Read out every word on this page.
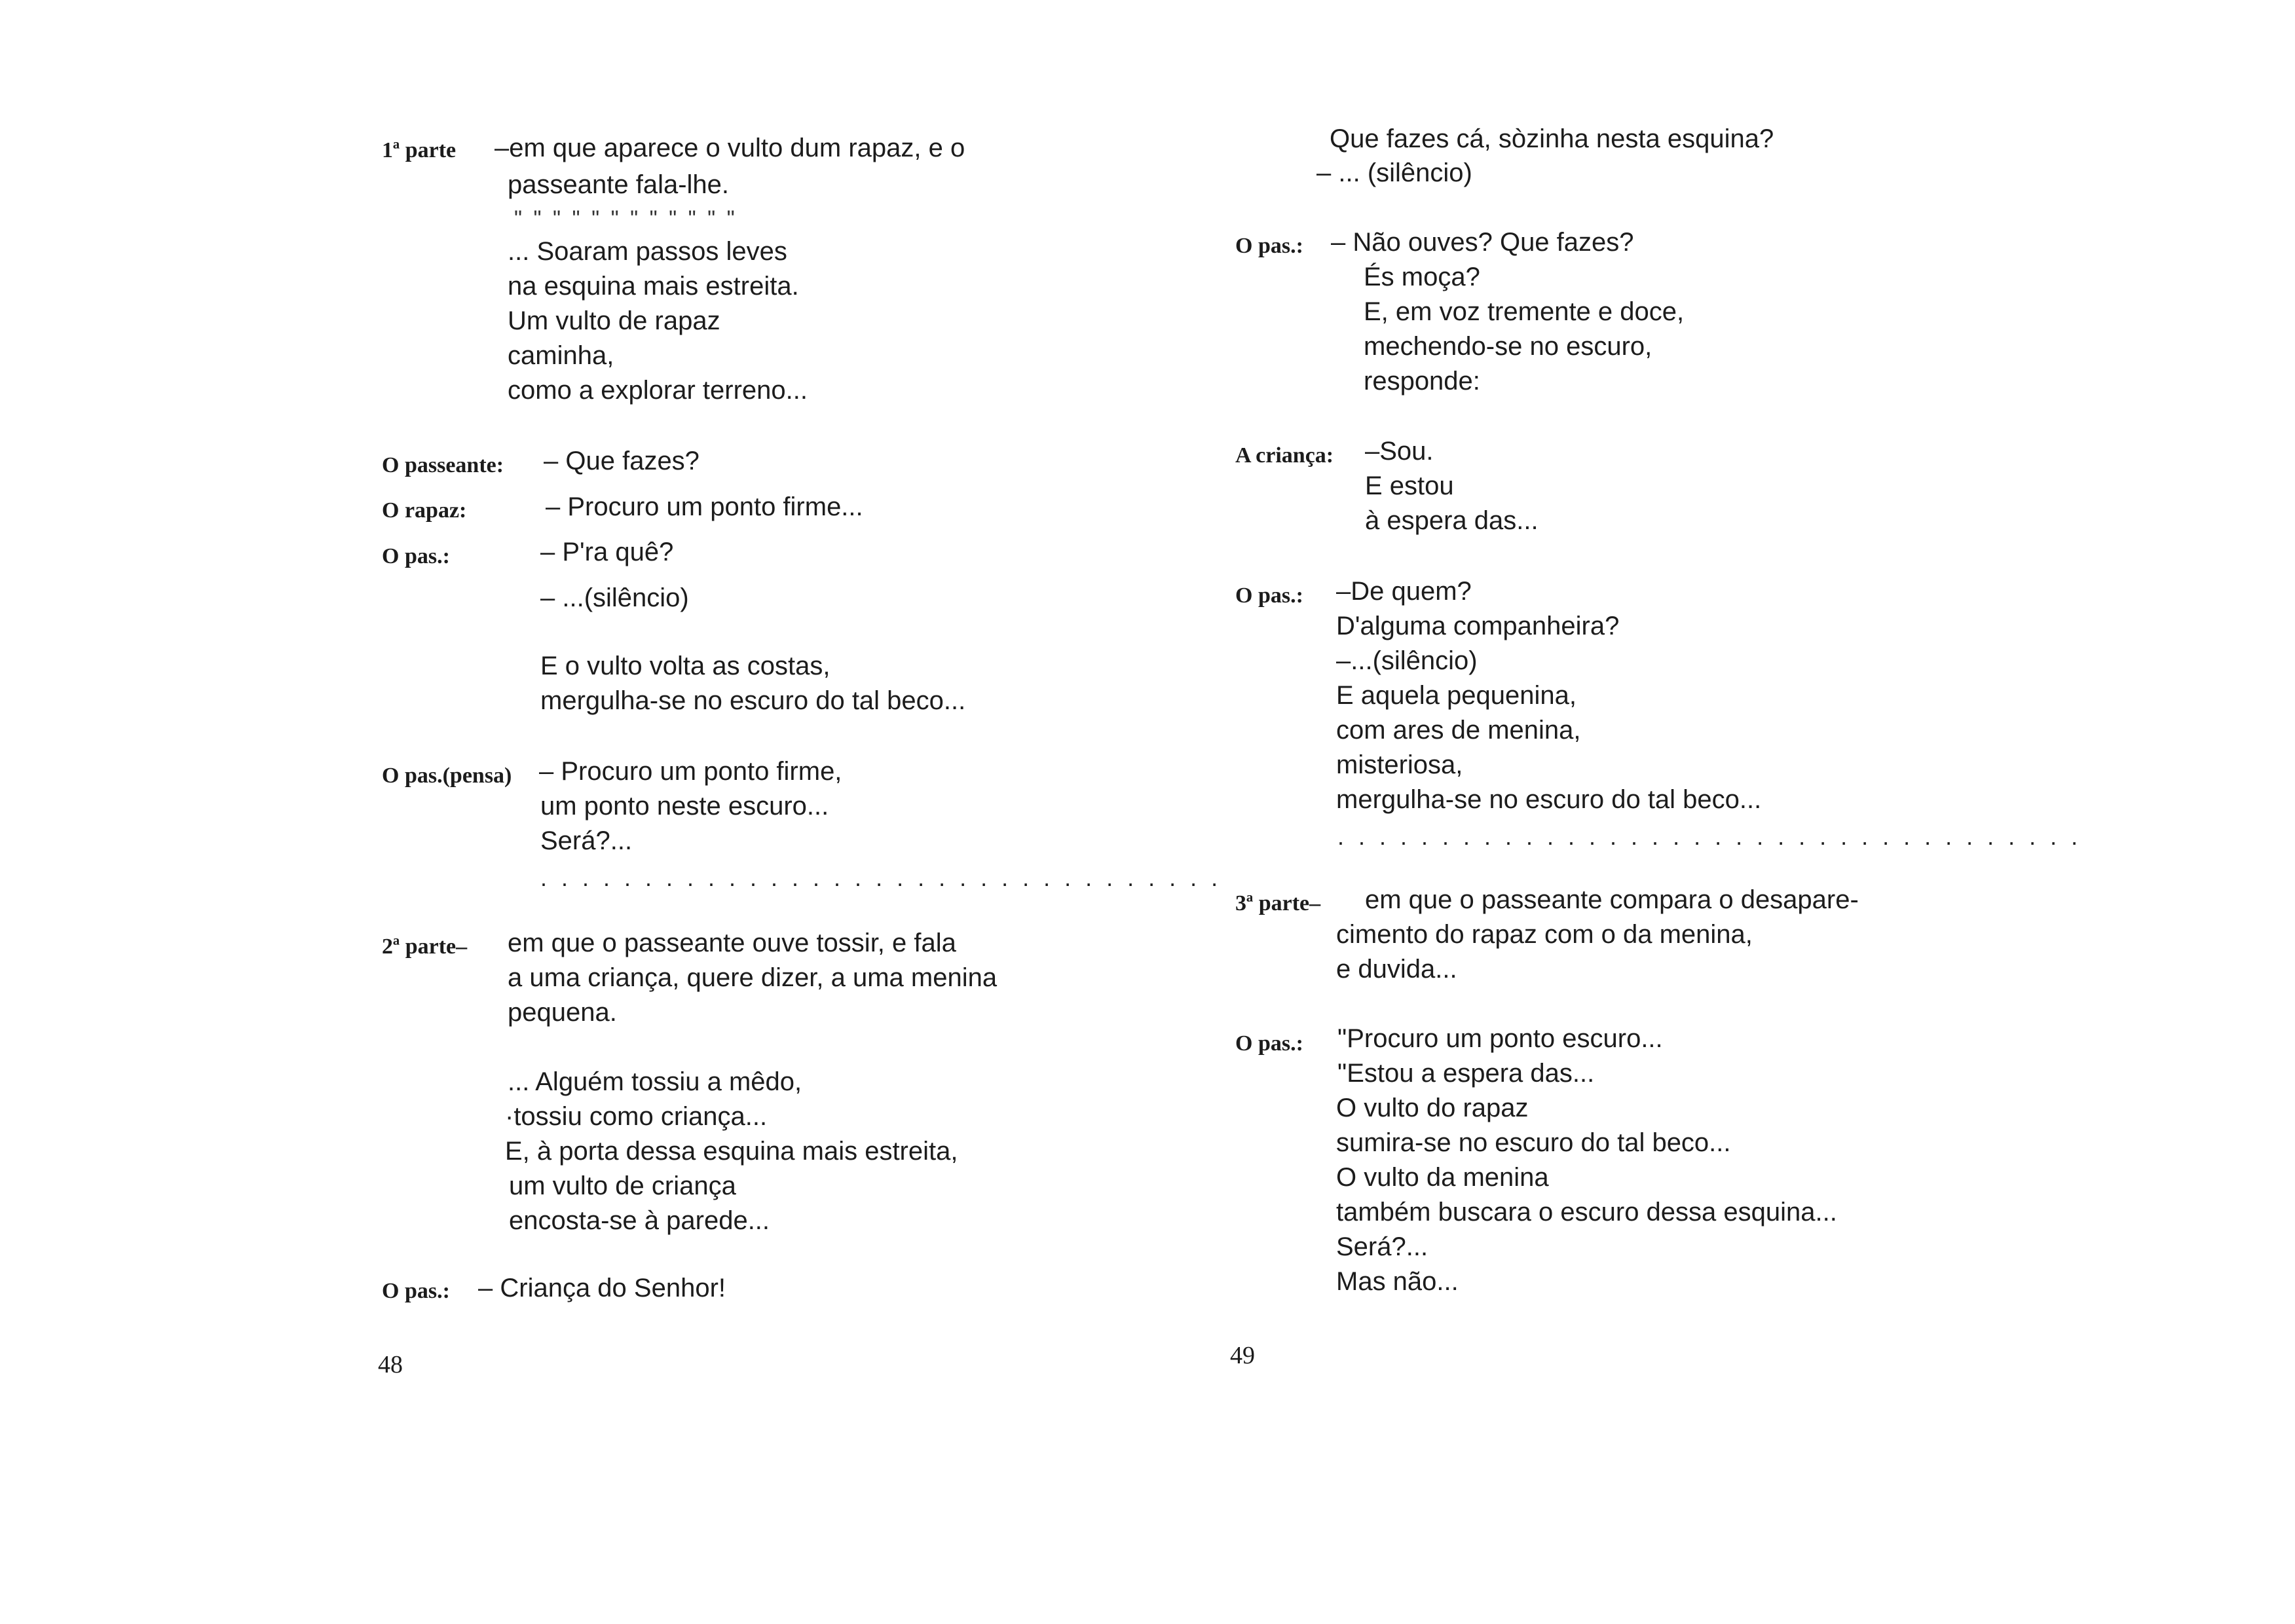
1ª parte –em que aparece o vulto dum rapaz, e o
passeante fala-lhe.
" " " " " " " " " " " "
... Soaram passos leves
na esquina mais estreita.
Um vulto de rapaz
caminha,
como a explorar terreno...
O passeante: – Que fazes?
O rapaz:	– Procuro um ponto firme...
O pas.:	– P'ra quê?
– ...(silêncio)
E o vulto volta as costas,
mergulha-se no escuro do tal beco...
O pas.(pensa) – Procuro um ponto firme,
um ponto neste escuro...
Será?...
. . . . . . . . . . . . . . . . . . . . . . . . . . . . . . . . .
2ª parte– em que o passeante ouve tossir, e fala
a uma criança, quere dizer, a uma menina
pequena.
... Alguém tossiu a mêdo,
·tossiu como criança...
E, à porta dessa esquina mais estreita,
um vulto de criança
encosta-se à parede...
O pas.: – Criança do Senhor!
48
Que fazes cá, sòzinha nesta esquina?
– ... (silêncio)
O pas.: – Não ouves? Que fazes?
És moça?
E, em voz tremente e doce,
mechendo-se no escuro,
responde:
A criança: –Sou.
E estou
à espera das...
O pas.: –De quem?
D'alguma companheira?
–...(silêncio)
E aquela pequenina,
com ares de menina,
misteriosa,
mergulha-se no escuro do tal beco...
. . . . . . . . . . . . . . . . . . . . . . . . . . . . . . . . . . . .
3ª parte– em que o passeante compara o desapare-
cimento do rapaz com o da menina,
e duvida...
O pas.: "Procuro um ponto escuro...
"Estou a espera das...
O vulto do rapaz
sumira-se no escuro do tal beco...
O vulto da menina
também buscara o escuro dessa esquina...
Será?...
Mas não...
49
